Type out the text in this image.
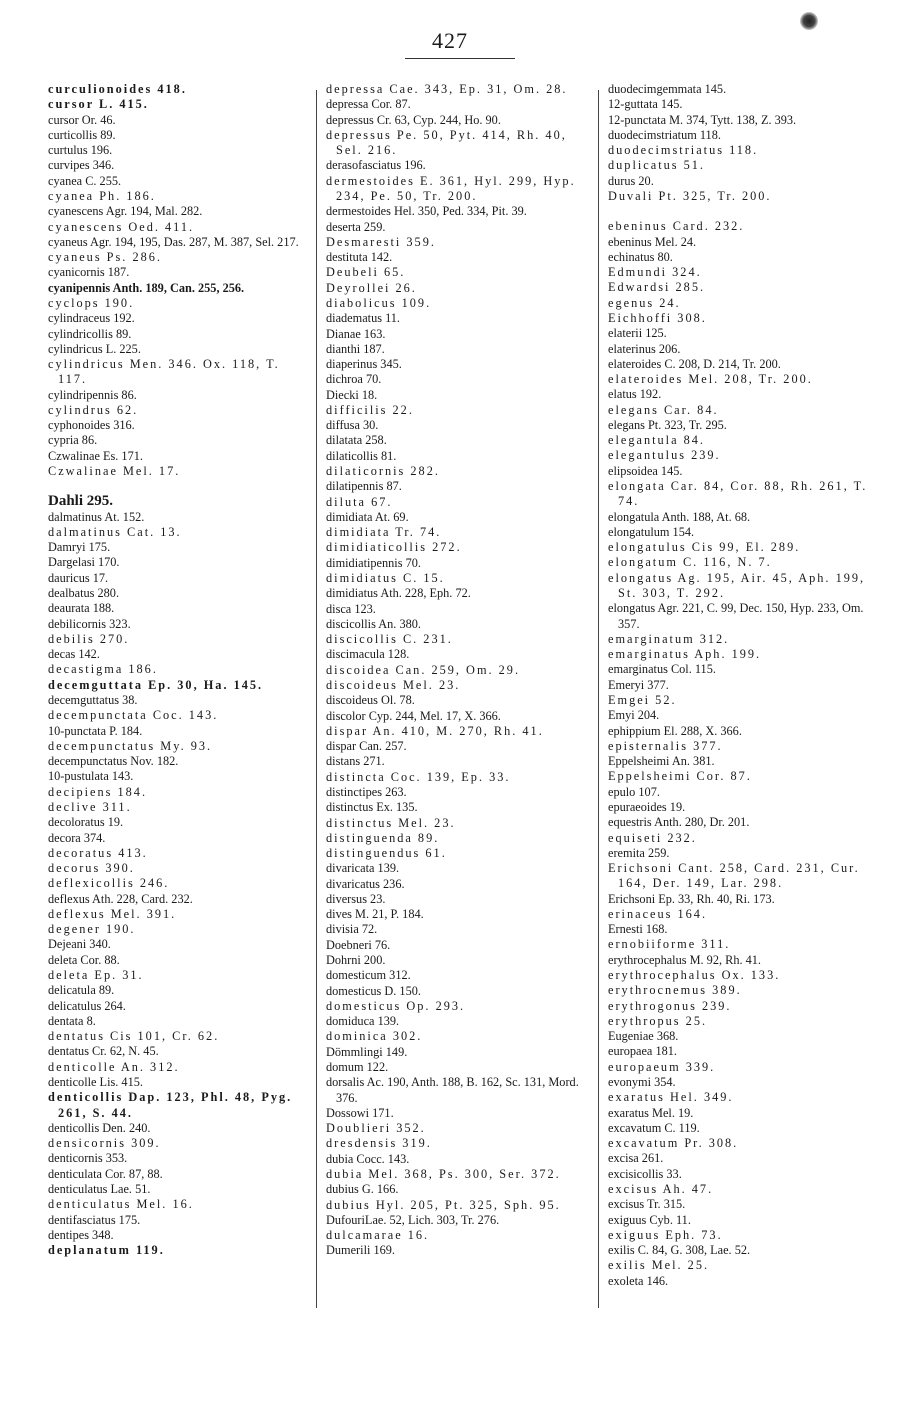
427
curculionoides 418.
cursor L. 415.
cursor Or. 46.
curticollis 89.
curtulus 196.
curvipes 346.
cyanea C. 255.
cyanea Ph. 186.
cyanescens Agr. 194, Mal. 282.
cyanescens Oed. 411.
cyaneus Agr. 194, 195, Das. 287, M. 387, Sel. 217.
cyaneus Ps. 286.
cyanicornis 187.
cyanipennis Anth. 189, Can. 255, 256.
cyclops 190.
cylindraceus 192.
cylindricollis 89.
cylindricus L. 225.
cylindricus Men. 346. Ox. 118, T. 117.
cylindripennis 86.
cylindrus 62.
cyphonoides 316.
cypria 86.
Czwalinae Es. 171.
Czwalinae Mel. 17.
Dahli 295.
dalmatinus At. 152.
dalmatinus Cat. 13.
Damryi 175.
Dargelasi 170.
dauricus 17.
dealbatus 280.
deaurata 188.
debilicornis 323.
debilis 270.
decas 142.
decastigma 186.
decemguttata Ep. 30, Ha. 145.
decemguttatus 38.
decempunctata Coc. 143.
10-punctata P. 184.
decempunctatus My. 93.
decempunctatus Nov. 182.
10-pustulata 143.
decipiens 184.
declive 311.
decoloratus 19.
decora 374.
decoratus 413.
decorus 390.
deflexicollis 246.
deflexus Ath. 228, Card. 232.
deflexus Mel. 391.
degener 190.
Dejeani 340.
deleta Cor. 88.
deleta Ep. 31.
delicatula 89.
delicatulus 264.
dentata 8.
dentatus Cis 101, Cr. 62.
dentatus Cr. 62, N. 45.
denticolle An. 312.
denticolle Lis. 415.
denticollis Dap. 123, Phl. 48, Pyg. 261, S. 44.
denticollis Den. 240.
densicornis 309.
denticornis 353.
denticulata Cor. 87, 88.
denticulatus Lae. 51.
denticulatus Mel. 16.
dentifasciatus 175.
dentipes 348.
deplanatum 119.
depressa Cae. 343, Ep. 31, Om. 28.
depressa Cor. 87.
depressus Cr. 63, Cyp. 244, Ho. 90.
depressus Pe. 50, Pyt. 414, Rh. 40, Sel. 216.
derasofasciatus 196.
dermestoides E. 361, Hyl. 299, Hyp. 234, Pe. 50, Tr. 200.
dermestoides Hel. 350, Ped. 334, Pit. 39.
deserta 259.
Desmaresti 359.
destituta 142.
Deubeli 65.
Deyrollei 26.
diabolicus 109.
diadematus 11.
Dianae 163.
dianthi 187.
diaperinus 345.
dichroa 70.
Diecki 18.
difficilis 22.
diffusa 30.
dilatata 258.
dilaticollis 81.
dilaticornis 282.
dilatipennis 87.
diluta 67.
dimidiata At. 69.
dimidiata Tr. 74.
dimidiaticollis 272.
dimidiatipennis 70.
dimidiatus C. 15.
dimidiatus Ath. 228, Eph. 72.
disca 123.
discicollis An. 380.
discicollis C. 231.
discimacula 128.
discoidea Can. 259, Om. 29.
discoideus Mel. 23.
discoideus Ol. 78.
discolor Cyp. 244, Mel. 17, X. 366.
dispar An. 410, M. 270, Rh. 41.
dispar Can. 257.
distans 271.
distincta Coc. 139, Ep. 33.
distinctipes 263.
distinctus Ex. 135.
distinctus Mel. 23.
distinguenda 89.
distinguendus 61.
divaricata 139.
divaricatus 236.
diversus 23.
dives M. 21, P. 184.
divisia 72.
Doebneri 76.
Dohrni 200.
domesticum 312.
domesticus D. 150.
domesticus Op. 293.
domiduca 139.
dominica 302.
Dömmlingi 149.
domum 122.
dorsalis Ac. 190, Anth. 188, B. 162, Sc. 131, Mord. 376.
Dossowi 171.
Doublieri 352.
dresdensis 319.
dubia Cocc. 143.
dubia Mel. 368, Ps. 300, Ser. 372.
dubius G. 166.
dubius Hyl. 205, Pt. 325, Sph. 95.
DufouriLae. 52, Lich. 303, Tr. 276.
dulcamarae 16.
Dumerili 169.
duodecimgemmata 145.
12-guttata 145.
12-punctata M. 374, Tytt. 138, Z. 393.
duodecimstriatum 118.
duodecimstriatus 118.
duplicatus 51.
durus 20.
Duvali Pt. 325, Tr. 200.
ebeninus Card. 232.
ebeninus Mel. 24.
echinatus 80.
Edmundi 324.
Edwardsi 285.
egenus 24.
Eichhoffi 308.
elaterii 125.
elaterinus 206.
elateroides C. 208, D. 214, Tr. 200.
elateroides Mel. 208, Tr. 200.
elatus 192.
elegans Car. 84.
elegans Pt. 323, Tr. 295.
elegantula 84.
elegantulus 239.
elipsoidea 145.
elongata Car. 84, Cor. 88, Rh. 261, T. 74.
elongatula Anth. 188, At. 68.
elongatulum 154.
elongatulus Cis 99, El. 289.
elongatum C. 116, N. 7.
elongatus Ag. 195, Air. 45, Aph. 199, St. 303, T. 292.
elongatus Agr. 221, C. 99, Dec. 150, Hyp. 233, Om. 357.
emarginatum 312.
emarginatus Aph. 199.
emarginatus Col. 115.
Emeryi 377.
Emgei 52.
Emyi 204.
ephippium El. 288, X. 366.
episternalis 377.
Eppelsheimi An. 381.
Eppelsheimi Cor. 87.
epulo 107.
epuraeoides 19.
equestris Anth. 280, Dr. 201.
equiseti 232.
eremita 259.
Erichsoni Cant. 258, Card. 231, Cur. 164, Der. 149, Lar. 298.
Erichsoni Ep. 33, Rh. 40, Ri. 173.
erinaceus 164.
Ernesti 168.
ernobiiforme 311.
erythrocephalus M. 92, Rh. 41.
erythrocephalus Ox. 133.
erythrocnemus 389.
erythrogonus 239.
erythropus 25.
Eugeniae 368.
europaea 181.
europaeum 339.
evonymi 354.
exaratus Hel. 349.
exaratus Mel. 19.
excavatum C. 119.
excavatum Pr. 308.
excisa 261.
excisicollis 33.
excisus Ah. 47.
excisus Tr. 315.
exiguus Cyb. 11.
exiguus Eph. 73.
exilis C. 84, G. 308, Lae. 52.
exilis Mel. 25.
exoleta 146.
